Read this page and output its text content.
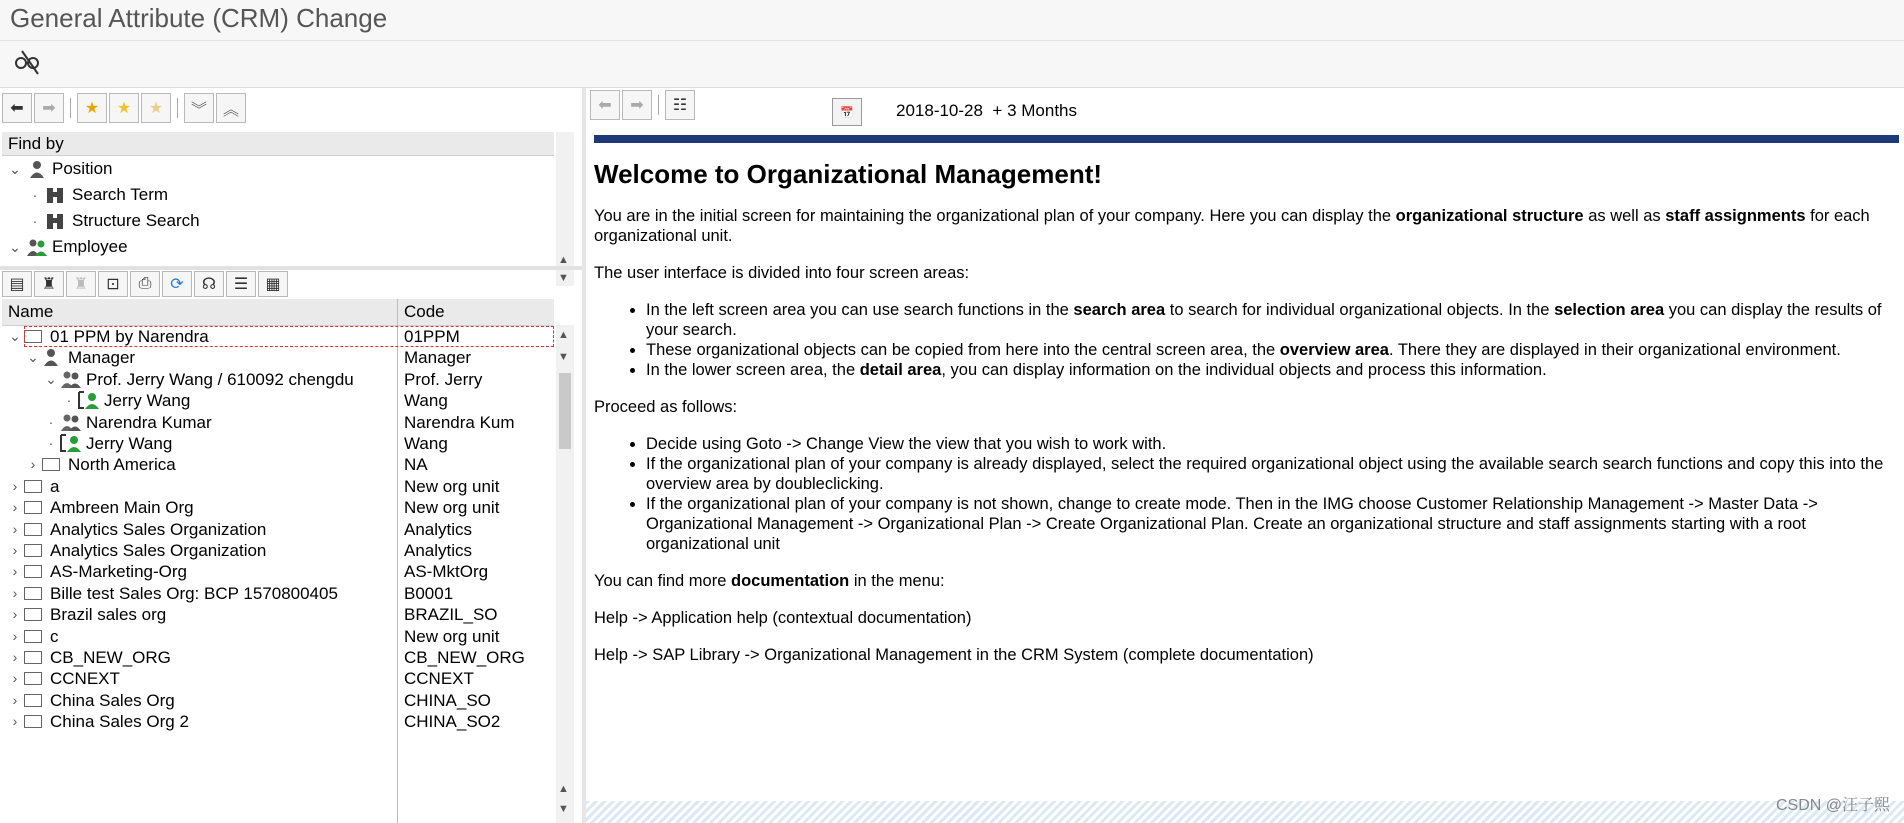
General Attribute (CRM) Change
⬅ ➡ ★ ★ ★ ︾ ︽
Find by
⌄ Position
· Search Term
· Structure Search
⌄ Employee
▲
▼
▤ ♜ ♜ ⊡ ⎙ ⟳ ☊ ☰ ▦
Name	Code
⌄ 01 PPM by Narendra	01PPM
⌄ Manager	Manager
⌄ Prof. Jerry Wang / 610092 chengdu	Prof. Jerry
· Jerry Wang	Wang
· Narendra Kumar	Narendra Kum
· Jerry Wang	Wang
› North America	NA
› a	New org unit
› Ambreen Main Org	New org unit
› Analytics Sales Organization	Analytics
› Analytics Sales Organization	Analytics
› AS-Marketing-Org	AS-MktOrg
› Bille test Sales Org: BCP 1570800405	B0001
› Brazil sales org	BRAZIL_SO
› c	New org unit
› CB_NEW_ORG	CB_NEW_ORG
› CCNEXT	CCNEXT
› China Sales Org	CHINA_SO
› China Sales Org 2	CHINA_SO2
▲
▼
▲
▼
⬅ ➡ ☷	📅	2018-10-28 + 3 Months
Welcome to Organizational Management!

You are in the initial screen for maintaining the organizational plan of your company. Here you can display the organizational structure as well as staff assignments for each organizational unit.

The user interface is divided into four screen areas:

• In the left screen area you can use search functions in the search area to search for individual organizational objects. In the selection area you can display the results of your search.
• These organizational objects can be copied from here into the central screen area, the overview area. There they are displayed in their organizational environment.
• In the lower screen area, the detail area, you can display information on the individual objects and process this information.

Proceed as follows:

• Decide using Goto -> Change View the view that you wish to work with.
• If the organizational plan of your company is already displayed, select the required organizational object using the available search search functions and copy this into the overview area by doubleclicking.
• If the organizational plan of your company is not shown, change to create mode. Then in the IMG choose Customer Relationship Management -> Master Data -> Organizational Management -> Organizational Plan -> Create Organizational Plan. Create an organizational structure and staff assignments starting with a root organizational unit

You can find more documentation in the menu:

Help -> Application help (contextual documentation)

Help -> SAP Library -> Organizational Management in the CRM System (complete documentation)

CSDN @汪子熙
